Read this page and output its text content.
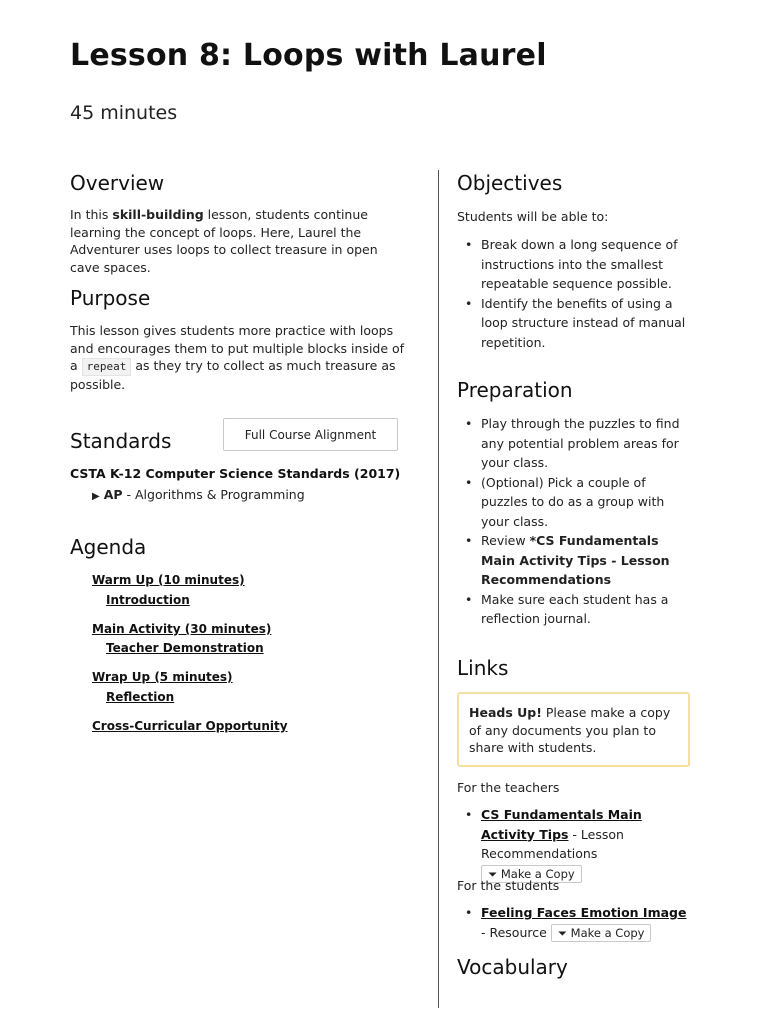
Lesson 8: Loops with Laurel
45 minutes
Overview
In this skill-building lesson, students continue learning the concept of loops. Here, Laurel the Adventurer uses loops to collect treasure in open cave spaces.
Purpose
This lesson gives students more practice with loops and encourages them to put multiple blocks inside of a repeat as they try to collect as much treasure as possible.
Standards	Full Course Alignment
CSTA K-12 Computer Science Standards (2017)
▶ AP - Algorithms & Programming
Agenda
Warm Up (10 minutes)
Introduction
Main Activity (30 minutes)
Teacher Demonstration
Wrap Up (5 minutes)
Reflection
Cross-Curricular Opportunity
Objectives
Students will be able to:
• Break down a long sequence of instructions into the smallest repeatable sequence possible.
• Identify the benefits of using a loop structure instead of manual repetition.
Preparation
• Play through the puzzles to find any potential problem areas for your class.
• (Optional) Pick a couple of puzzles to do as a group with your class.
• Review *CS Fundamentals Main Activity Tips - Lesson Recommendations
• Make sure each student has a reflection journal.
Links
Heads Up! Please make a copy of any documents you plan to share with students.
For the teachers
• CS Fundamentals Main Activity Tips - Lesson Recommendations ⏷ Make a Copy
For the students
• Feeling Faces Emotion Image - Resource ⏷ Make a Copy
Vocabulary
